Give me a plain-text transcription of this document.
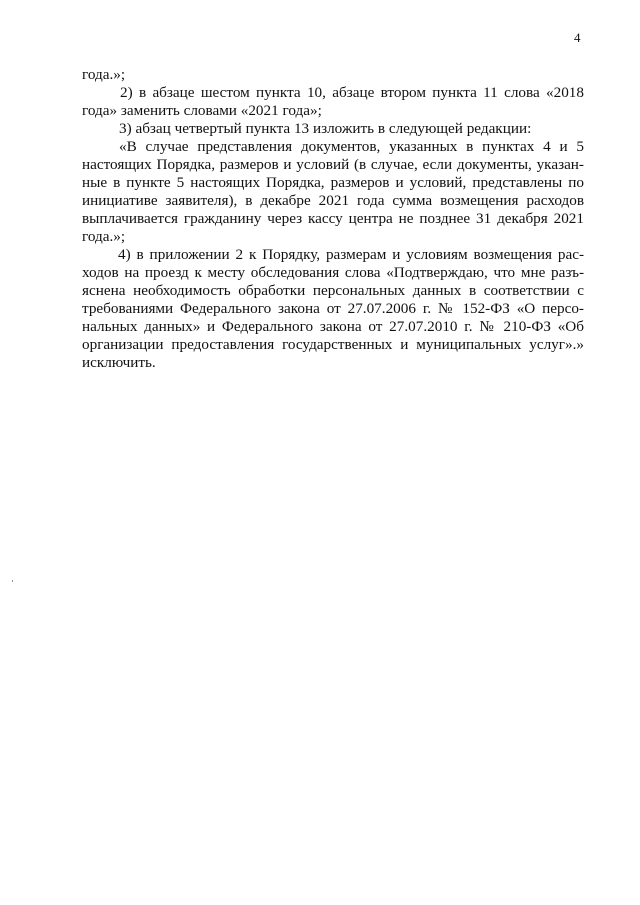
4
года.»;
2) в абзаце шестом пункта 10, абзаце втором пункта 11 слова «2018
года» заменить словами «2021 года»;
3) абзац четвертый пункта 13 изложить в следующей редакции:
«В случае представления документов, указанных в пунктах 4 и 5
настоящих Порядка, размеров и условий (в случае, если документы, указан-
ные в пункте 5 настоящих Порядка, размеров и условий, представлены по
инициативе заявителя), в декабре 2021 года сумма возмещения расходов
выплачивается гражданину через кассу центра не позднее 31 декабря 2021
года.»;
4) в приложении 2 к Порядку, размерам и условиям возмещения рас-
ходов на проезд к месту обследования слова «Подтверждаю, что мне разъ-
яснена необходимость обработки персональных данных в соответствии с
требованиями Федерального закона от 27.07.2006 г. № 152-ФЗ «О персо-
нальных данных» и Федерального закона от 27.07.2010 г. № 210-ФЗ «Об
организации предоставления государственных и муниципальных услуг».»
исключить.
